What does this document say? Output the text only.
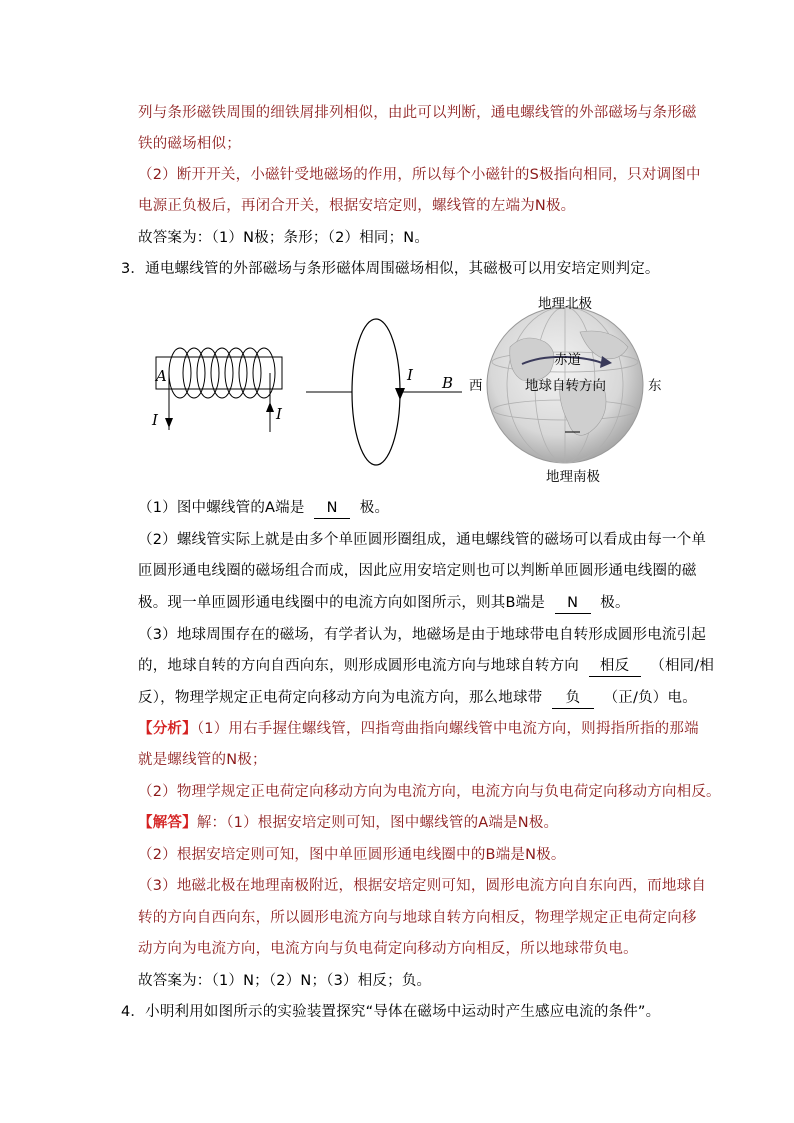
列与条形磁铁周围的细铁屑排列相似，由此可以判断，通电螺线管的外部磁场与条形磁
铁的磁场相似；
（2）断开开关，小磁针受地磁场的作用，所以每个小磁针的S极指向相同，只对调图中
电源正负极后，再闭合开关，根据安培定则，螺线管的左端为N极。
故答案为：（1）N极；条形；（2）相同；N。
3．通电螺线管的外部磁场与条形磁体周围磁场相似，其磁极可以用安培定则判定。
A
I	I
I B
地理北极
赤道
西	地球自转方向	东
地理南极
（1）图中螺线管的A端是 N 极。
（2）螺线管实际上就是由多个单匝圆形圈组成，通电螺线管的磁场可以看成由每一个单
匝圆形通电线圈的磁场组合而成，因此应用安培定则也可以判断单匝圆形通电线圈的磁
极。现一单匝圆形通电线圈中的电流方向如图所示，则其B端是 N 极。
（3）地球周围存在的磁场，有学者认为，地磁场是由于地球带电自转形成圆形电流引起
的，地球自转的方向自西向东，则形成圆形电流方向与地球自转方向 相反 （相同/相
反），物理学规定正电荷定向移动方向为电流方向，那么地球带 负 （正/负）电。
【分析】（1）用右手握住螺线管，四指弯曲指向螺线管中电流方向，则拇指所指的那端
就是螺线管的N极；
（2）物理学规定正电荷定向移动方向为电流方向，电流方向与负电荷定向移动方向相反。
【解答】解：（1）根据安培定则可知，图中螺线管的A端是N极。
（2）根据安培定则可知，图中单匝圆形通电线圈中的B端是N极。
（3）地磁北极在地理南极附近，根据安培定则可知，圆形电流方向自东向西，而地球自
转的方向自西向东，所以圆形电流方向与地球自转方向相反，物理学规定正电荷定向移
动方向为电流方向，电流方向与负电荷定向移动方向相反，所以地球带负电。
故答案为：（1）N；（2）N；（3）相反；负。
4．小明利用如图所示的实验装置探究“导体在磁场中运动时产生感应电流的条件”。
